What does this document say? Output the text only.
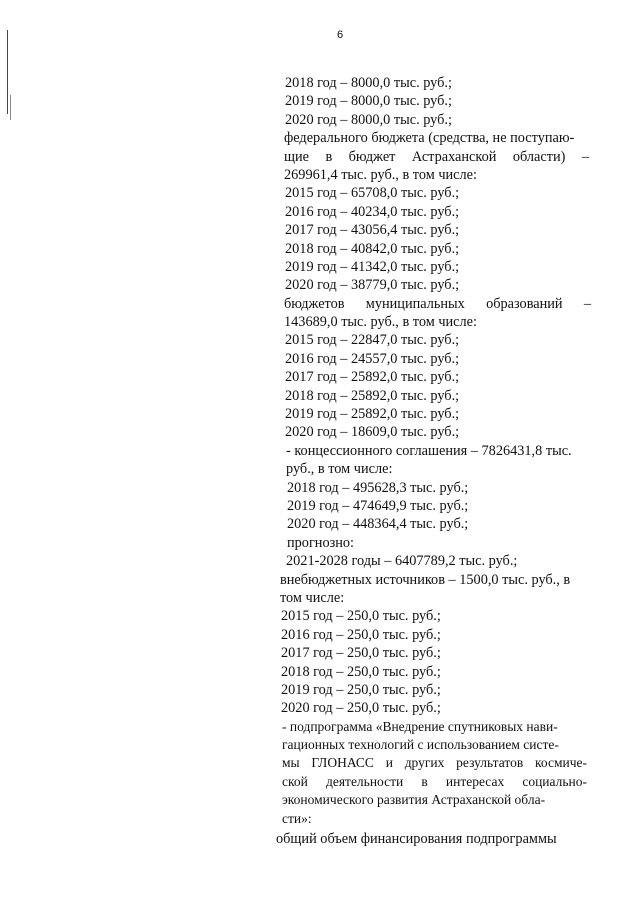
6
2018 год – 8000,0 тыс. руб.;
2019 год – 8000,0 тыс. руб.;
2020 год – 8000,0 тыс. руб.;
федерального бюджета (средства, не поступаю-
щие в бюджет Астраханской области) –
269961,4 тыс. руб., в том числе:
2015 год – 65708,0 тыс. руб.;
2016 год – 40234,0 тыс. руб.;
2017 год – 43056,4 тыс. руб.;
2018 год – 40842,0 тыс. руб.;
2019 год – 41342,0 тыс. руб.;
2020 год – 38779,0 тыс. руб.;
бюджетов муниципальных образований –
143689,0 тыс. руб., в том числе:
2015 год – 22847,0 тыс. руб.;
2016 год – 24557,0 тыс. руб.;
2017 год – 25892,0 тыс. руб.;
2018 год – 25892,0 тыс. руб.;
2019 год – 25892,0 тыс. руб.;
2020 год – 18609,0 тыс. руб.;
- концессионного соглашения – 7826431,8 тыс.
руб., в том числе:
2018 год – 495628,3 тыс. руб.;
2019 год – 474649,9 тыс. руб.;
2020 год – 448364,4 тыс. руб.;
прогнозно:
2021-2028 годы – 6407789,2 тыс. руб.;
внебюджетных источников – 1500,0 тыс. руб., в
том числе:
2015 год – 250,0 тыс. руб.;
2016 год – 250,0 тыс. руб.;
2017 год – 250,0 тыс. руб.;
2018 год – 250,0 тыс. руб.;
2019 год – 250,0 тыс. руб.;
2020 год – 250,0 тыс. руб.;
- подпрограмма «Внедрение спутниковых нави-
гационных технологий с использованием систе-
мы ГЛОНАСС и других результатов космиче-
ской деятельности в интересах социально-
экономического развития Астраханской обла-
сти»:
общий объем финансирования подпрограммы
